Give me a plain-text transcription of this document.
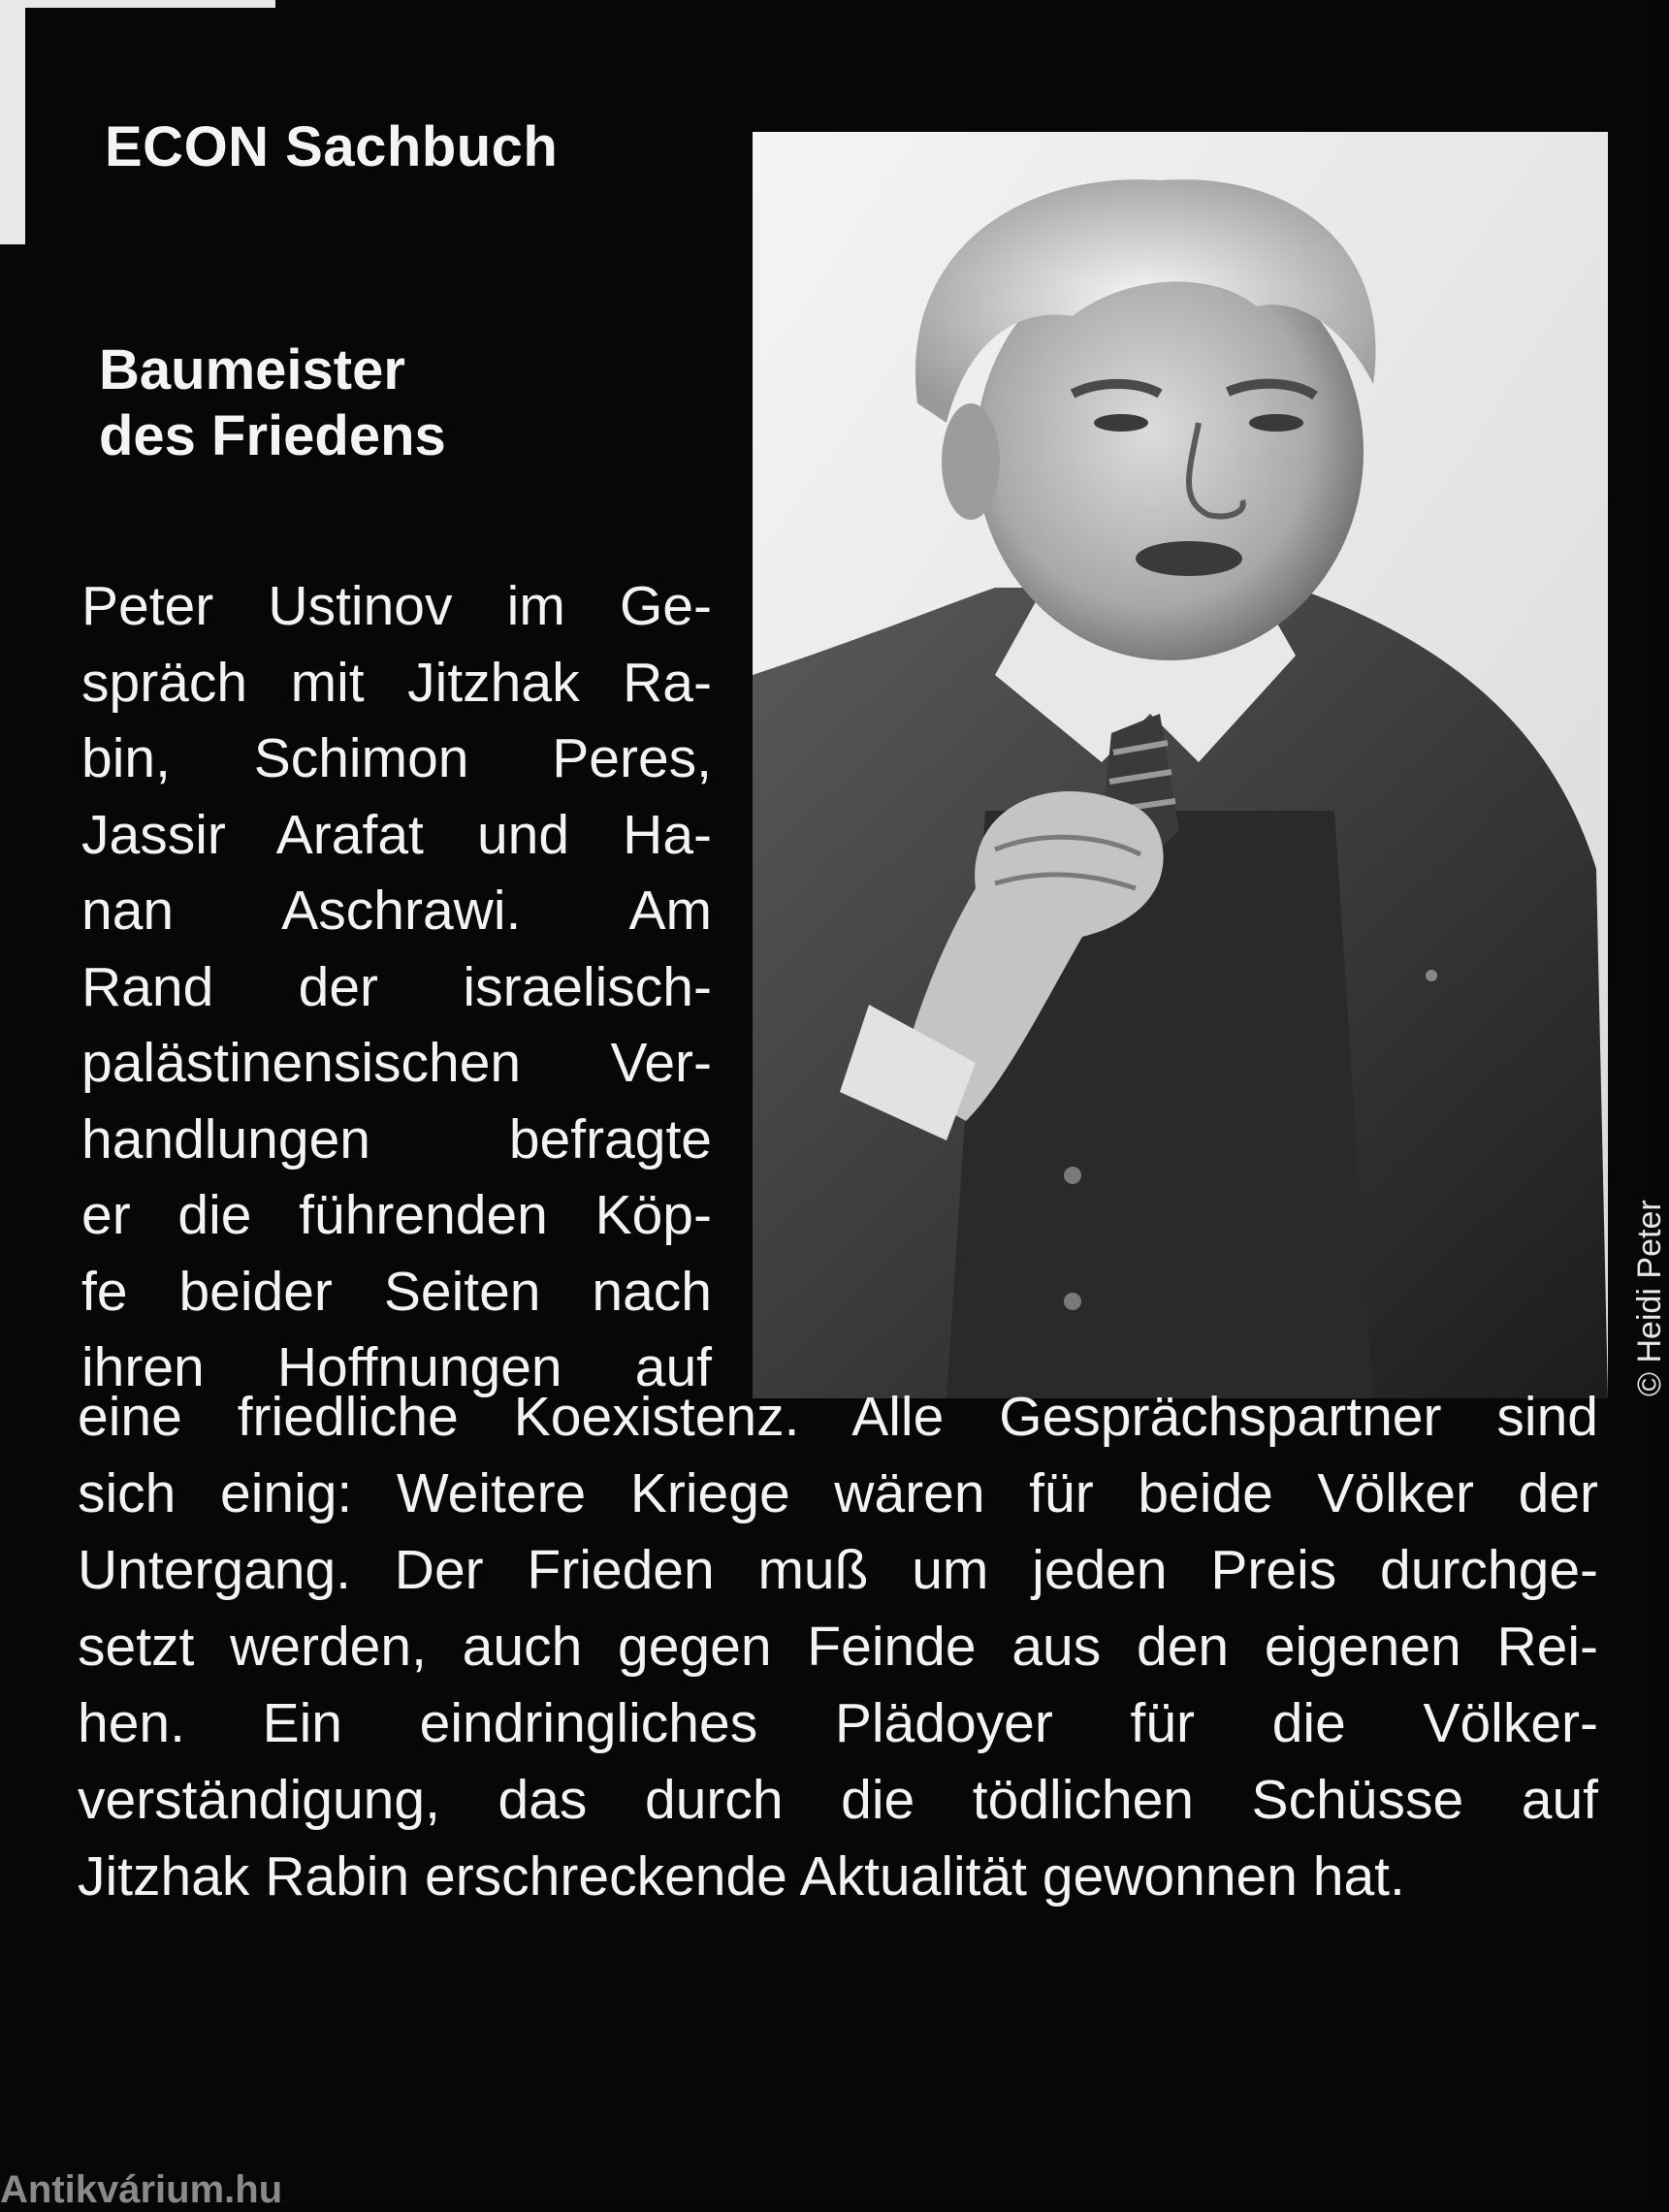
ECON Sachbuch
Baumeister
des Friedens
© Heidi Peter
Peter Ustinov im Ge-
spräch mit Jitzhak Ra-
bin, Schimon Peres,
Jassir Arafat und Ha-
nan Aschrawi. Am
Rand der israelisch-
palästinensischen Ver-
handlungen befragte
er die führenden Köp-
fe beider Seiten nach
ihren Hoffnungen auf
eine friedliche Koexistenz. Alle Gesprächspartner sind
sich einig: Weitere Kriege wären für beide Völker der
Untergang. Der Frieden muß um jeden Preis durchge-
setzt werden, auch gegen Feinde aus den eigenen Rei-
hen. Ein eindringliches Plädoyer für die Völker-
verständigung, das durch die tödlichen Schüsse auf
Jitzhak Rabin erschreckende Aktualität gewonnen hat.
Antikvárium.hu
